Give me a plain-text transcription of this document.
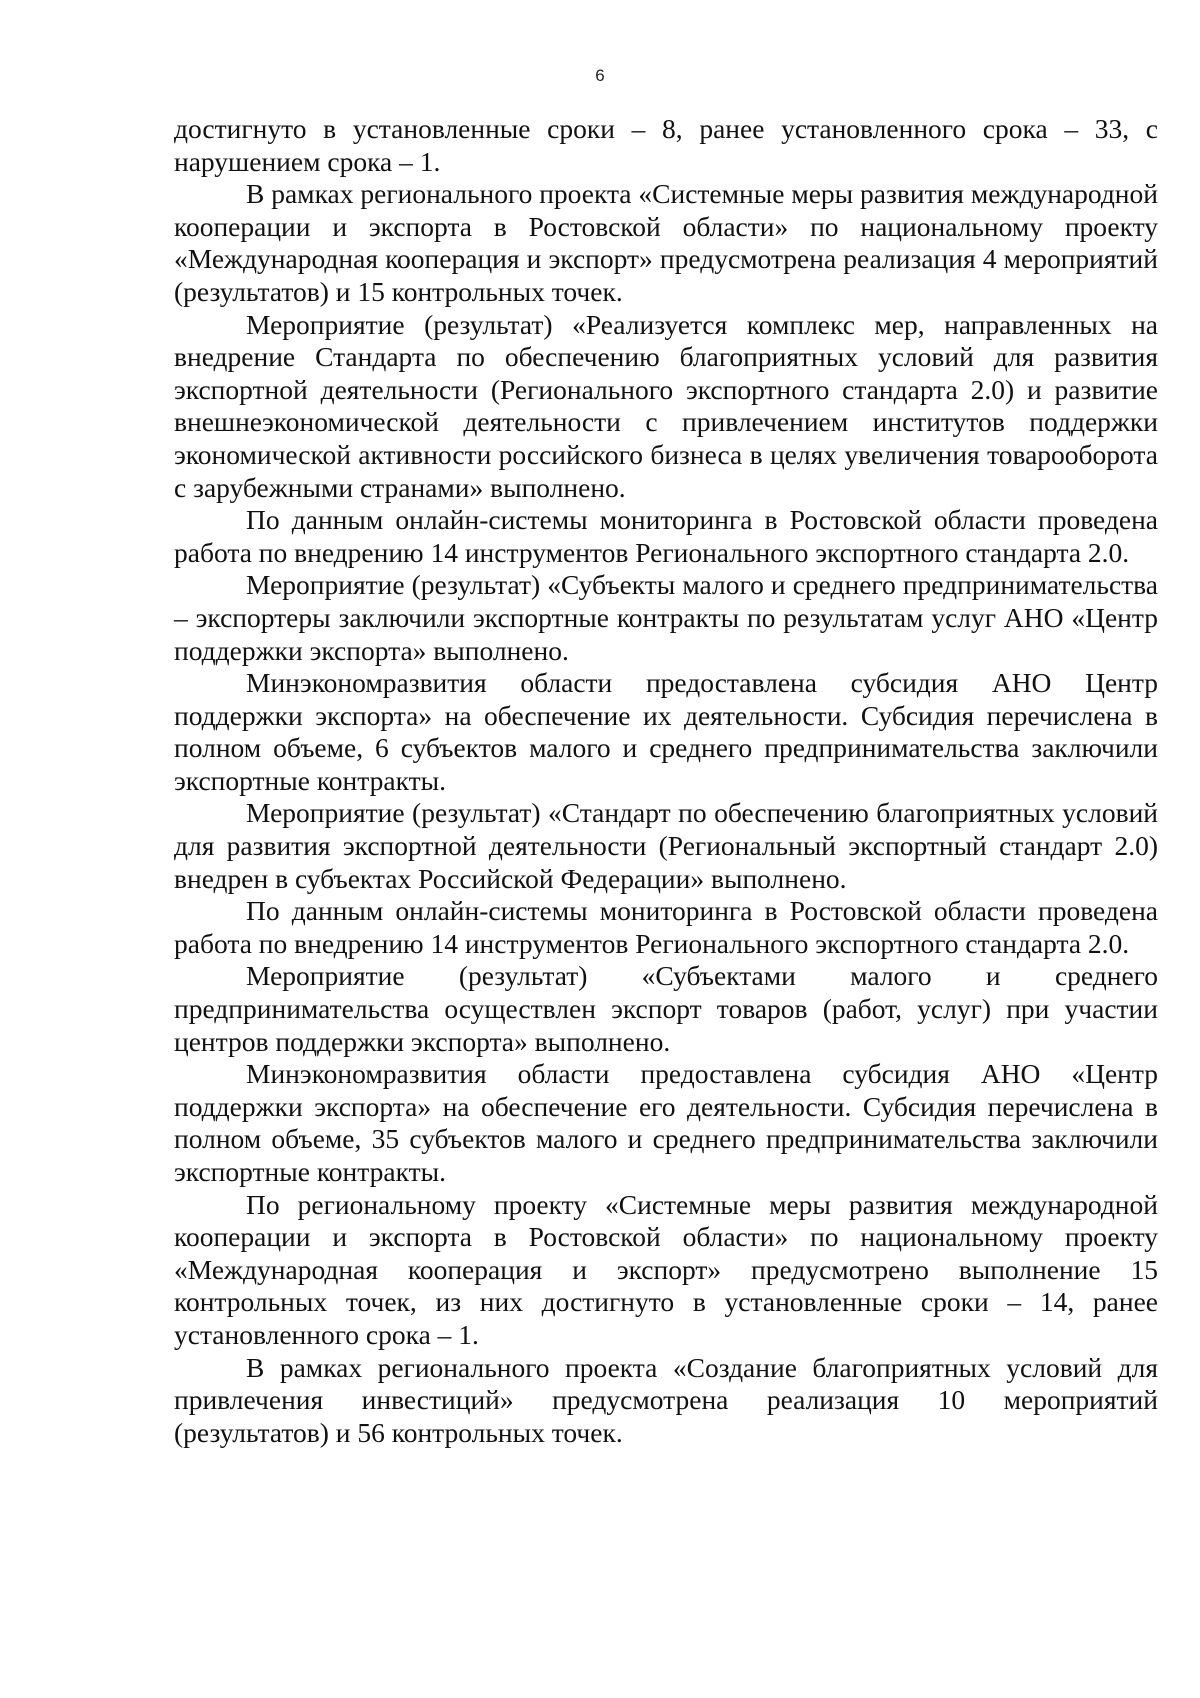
6

достигнуто в установленные сроки – 8, ранее установленного срока – 33, с нарушением срока – 1.

В рамках регионального проекта «Системные меры развития международной кооперации и экспорта в Ростовской области» по национальному проекту «Международная кооперация и экспорт» предусмотрена реализация 4 мероприятий (результатов) и 15 контрольных точек.

Мероприятие (результат) «Реализуется комплекс мер, направленных на внедрение Стандарта по обеспечению благоприятных условий для развития экспортной деятельности (Регионального экспортного стандарта 2.0) и развитие внешнеэкономической деятельности с привлечением институтов поддержки экономической активности российского бизнеса в целях увеличения товарооборота с зарубежными странами» выполнено.

По данным онлайн-системы мониторинга в Ростовской области проведена работа по внедрению 14 инструментов Регионального экспортного стандарта 2.0.

Мероприятие (результат) «Субъекты малого и среднего предпринимательства – экспортеры заключили экспортные контракты по результатам услуг АНО «Центр поддержки экспорта» выполнено.

Минэкономразвития области предоставлена субсидия АНО Центр поддержки экспорта» на обеспечение их деятельности. Субсидия перечислена в полном объеме, 6 субъектов малого и среднего предпринимательства заключили экспортные контракты.

Мероприятие (результат) «Стандарт по обеспечению благоприятных условий для развития экспортной деятельности (Региональный экспортный стандарт 2.0) внедрен в субъектах Российской Федерации» выполнено.

По данным онлайн-системы мониторинга в Ростовской области проведена работа по внедрению 14 инструментов Регионального экспортного стандарта 2.0.

Мероприятие (результат) «Субъектами малого и среднего предпринимательства осуществлен экспорт товаров (работ, услуг) при участии центров поддержки экспорта» выполнено.

Минэкономразвития области предоставлена субсидия АНО «Центр поддержки экспорта» на обеспечение его деятельности. Субсидия перечислена в полном объеме, 35 субъектов малого и среднего предпринимательства заключили экспортные контракты.

По региональному проекту «Системные меры развития международной кооперации и экспорта в Ростовской области» по национальному проекту «Международная кооперация и экспорт» предусмотрено выполнение 15 контрольных точек, из них достигнуто в установленные сроки – 14, ранее установленного срока – 1.

В рамках регионального проекта «Создание благоприятных условий для привлечения инвестиций» предусмотрена реализация 10 мероприятий (результатов) и 56 контрольных точек.
